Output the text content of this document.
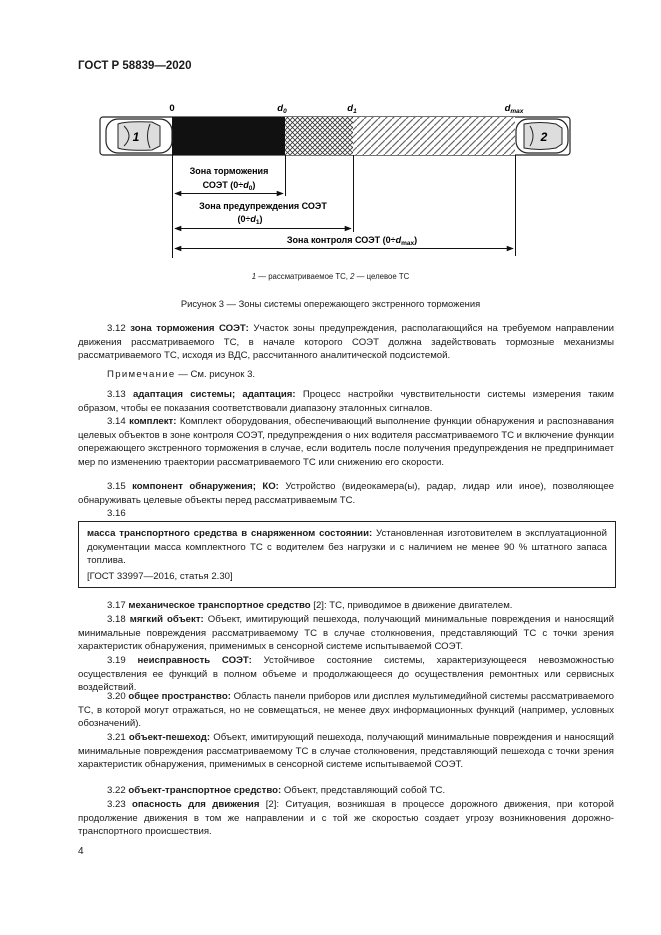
ГОСТ Р 58839—2020
1	2
0	$d_0$	$d_1$	$d_{max}$
Зона торможения
СОЭТ $(0\div d_0)$
Зона предупреждения СОЭТ
$(0\div d_1)$
Зона контроля СОЭТ $(0\div d_{max})$
1 — рассматриваемое ТС, 2 — целевое ТС
Рисунок 3 — Зоны системы опережающего экстренного торможения
3.12 зона торможения СОЭТ: Участок зоны предупреждения, располагающийся на требуемом направлении движения рассматриваемого ТС, в начале которого СОЭТ должна задействовать тормозные механизмы рассматриваемого ТС, исходя из ВДС, рассчитанного аналитической подсистемой.
Примечание — См. рисунок 3.
3.13 адаптация системы; адаптация: Процесс настройки чувствительности системы измерения таким образом, чтобы ее показания соответствовали диапазону эталонных сигналов.
3.14 комплект: Комплект оборудования, обеспечивающий выполнение функции обнаружения и распознавания целевых объектов в зоне контроля СОЭТ, предупреждения о них водителя рассматриваемого ТС и включение функции опережающего экстренного торможения в случае, если водитель после получения предупреждения не предпринимает мер по изменению траектории рассматриваемого ТС или снижению его скорости.
3.15 компонент обнаружения; КО: Устройство (видеокамера(ы), радар, лидар или иное), позволяющее обнаруживать целевые объекты перед рассматриваемым ТС.
3.16
масса транспортного средства в снаряженном состоянии: Установленная изготовителем в эксплуатационной документации масса комплектного ТС с водителем без нагрузки и с наличием не менее 90 % штатного запаса топлива.
[ГОСТ 33997—2016, статья 2.30]
3.17 механическое транспортное средство [2]: ТС, приводимое в движение двигателем.
3.18 мягкий объект: Объект, имитирующий пешехода, получающий минимальные повреждения и наносящий минимальные повреждения рассматриваемому ТС в случае столкновения, представляющий ТС с точки зрения характеристик обнаружения, применимых в сенсорной системе испытываемой СОЭТ.
3.19 неисправность СОЭТ: Устойчивое состояние системы, характеризующееся невозможностью осуществления ее функций в полном объеме и продолжающееся до осуществления ремонтных или сервисных воздействий.
3.20 общее пространство: Область панели приборов или дисплея мультимедийной системы рассматриваемого ТС, в которой могут отражаться, но не совмещаться, не менее двух информационных функций (например, условных обозначений).
3.21 объект-пешеход: Объект, имитирующий пешехода, получающий минимальные повреждения и наносящий минимальные повреждения рассматриваемому ТС в случае столкновения, представляющий пешехода с точки зрения характеристик обнаружения, применимых в сенсорной системе испытываемой СОЭТ.
3.22 объект-транспортное средство: Объект, представляющий собой ТС.
3.23 опасность для движения [2]: Ситуация, возникшая в процессе дорожного движения, при которой продолжение движения в том же направлении и с той же скоростью создает угрозу возникновения дорожно-транспортного происшествия.
4
